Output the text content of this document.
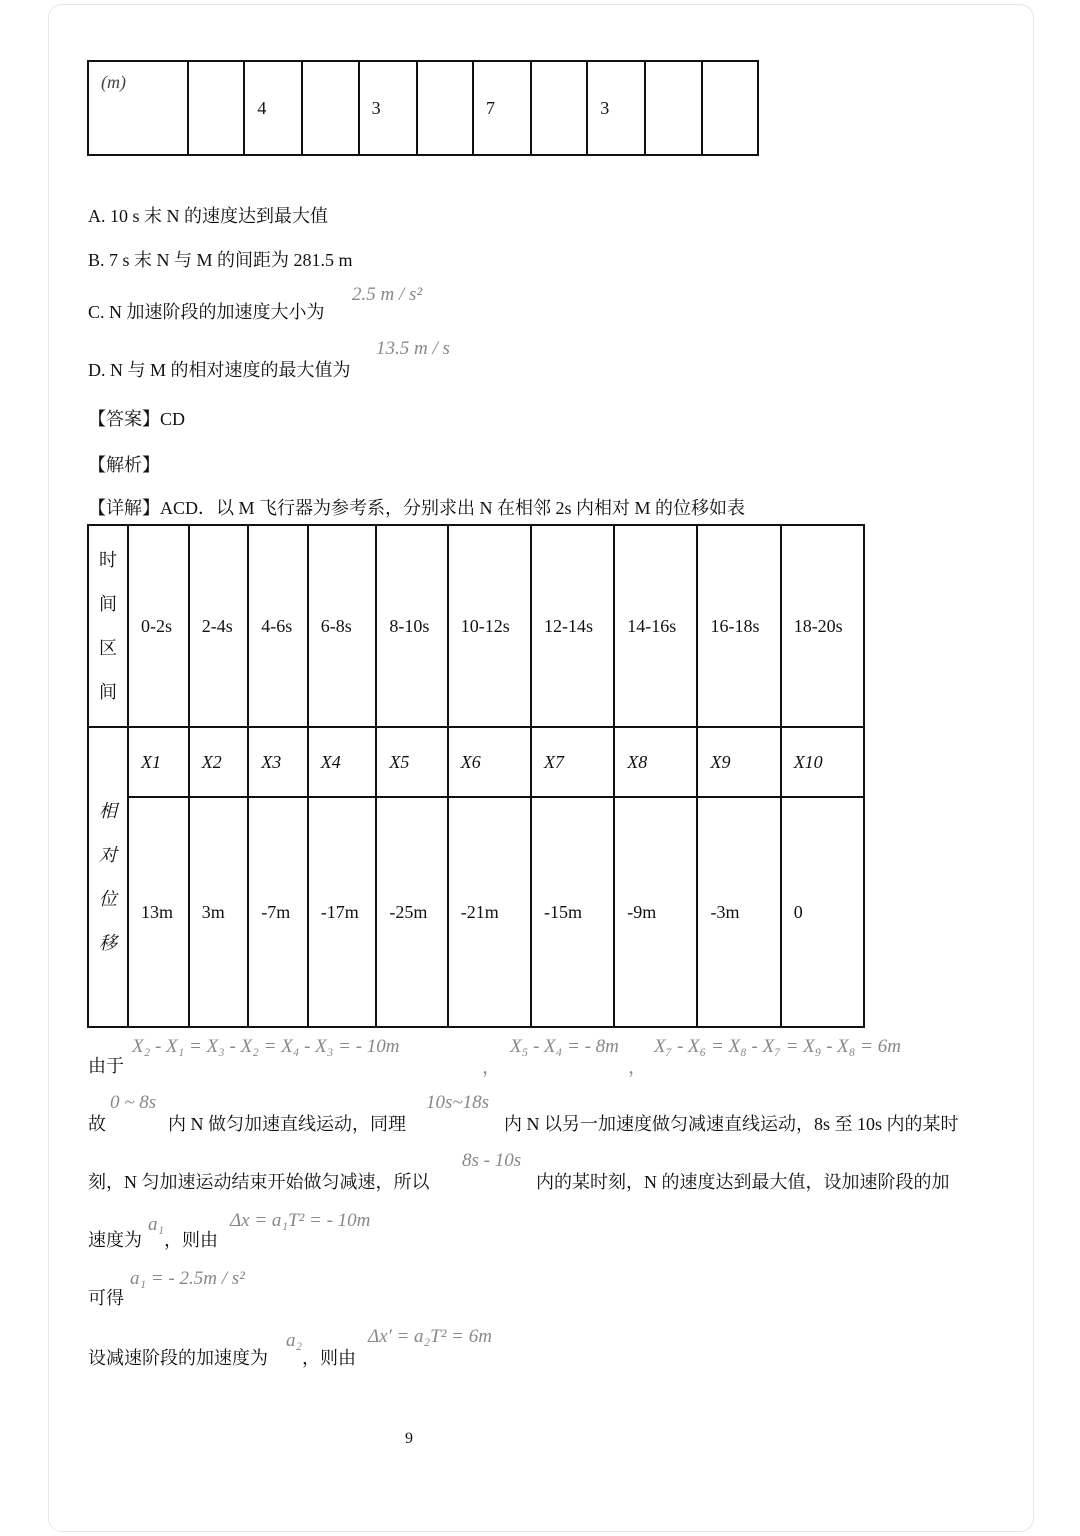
(m)		4		3		7		3		
A. 10 s 末 N 的速度达到最大值
B. 7 s 末 N 与 M 的间距为 281.5 m
C. N 加速阶段的加速度大小为
2.5 m / s²
D. N 与 M 的相对速度的最大值为
13.5 m / s
【答案】CD
【解析】
【详解】ACD．以 M 飞行器为参考系，分别求出 N 在相邻 2s 内相对 M 的位移如表
时
间
区
间	0-2s	2-4s	4-6s	6-8s	8-10s	10-12s	12-14s	14-16s	16-18s	18-20s

相
对
位
移	X1	X2	X3	X4	X5	X6	X7	X8	X9	X10
	13m	3m	-7m	-17m	-25m	-21m	-15m	-9m	-3m	0
由于
X₂ - X₁ = X₃ - X₂ = X₄ - X₃ = - 10m
，
X₅ - X₄ = - 8m
，
X₇ - X₆ = X₈ - X₇ = X₉ - X₈ = 6m
故
0 ~ 8s
内 N 做匀加速直线运动，同理
10s~18s
内 N 以另一加速度做匀减速直线运动，8s 至 10s 内的某时
刻，N 匀加速运动结束开始做匀减速，所以
8s - 10s
内的某时刻，N 的速度达到最大值，设加速阶段的加
速度为
a₁
，则由
Δx = a₁T² = - 10m
可得
a₁ = - 2.5m / s²
设减速阶段的加速度为
a₂
，则由
Δx′ = a₂T² = 6m
9
